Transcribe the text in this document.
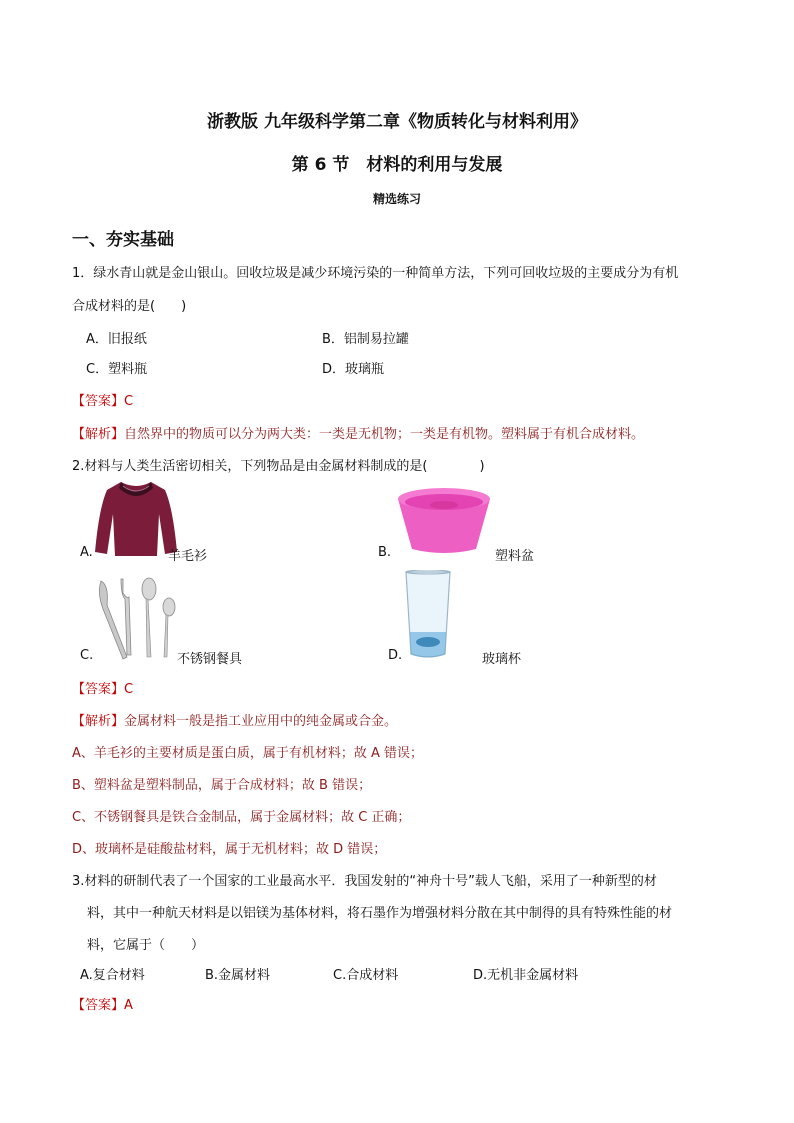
浙教版 九年级科学第二章《物质转化与材料利用》
第 6 节　材料的利用与发展
精选练习
一、夯实基础
1．绿水青山就是金山银山。回收垃圾是减少环境污染的一种简单方法，下列可回收垃圾的主要成分为有机
合成材料的是(　　)
A．旧报纸	B．铝制易拉罐
C．塑料瓶	D．玻璃瓶
【答案】C
【解析】自然界中的物质可以分为两大类：一类是无机物；一类是有机物。塑料属于有机合成材料。
2.材料与人类生活密切相关，下列物品是由金属材料制成的是(　　　　)
A.	羊毛衫	B.	塑料盆
C.	不锈钢餐具	D.	玻璃杯
【答案】C
【解析】金属材料一般是指工业应用中的纯金属或合金。
A、羊毛衫的主要材质是蛋白质，属于有机材料；故 A 错误；
B、塑料盆是塑料制品，属于合成材料；故 B 错误；
C、不锈钢餐具是铁合金制品，属于金属材料；故 C 正确；
D、玻璃杯是硅酸盐材料，属于无机材料；故 D 错误；
3.材料的研制代表了一个国家的工业最高水平．我国发射的“神舟十号”载人飞船，采用了一种新型的材
料，其中一种航天材料是以铝镁为基体材料，将石墨作为增强材料分散在其中制得的具有特殊性能的材
料，它属于（　　）
A.复合材料	B.金属材料	C.合成材料	D.无机非金属材料
【答案】A
